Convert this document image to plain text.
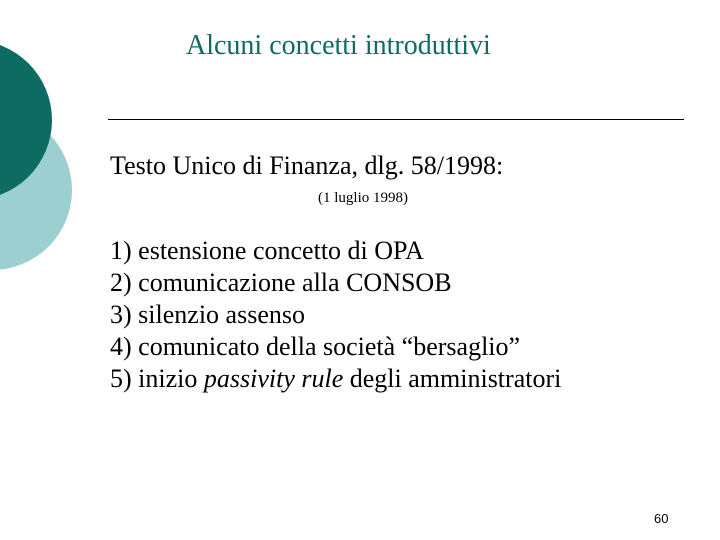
Alcuni concetti introduttivi
Testo Unico di Finanza, dlg. 58/1998:
(1 luglio 1998)
1) estensione concetto di OPA
2) comunicazione alla CONSOB
3) silenzio assenso
4) comunicato della società “bersaglio”
5) inizio passivity rule degli amministratori
60
